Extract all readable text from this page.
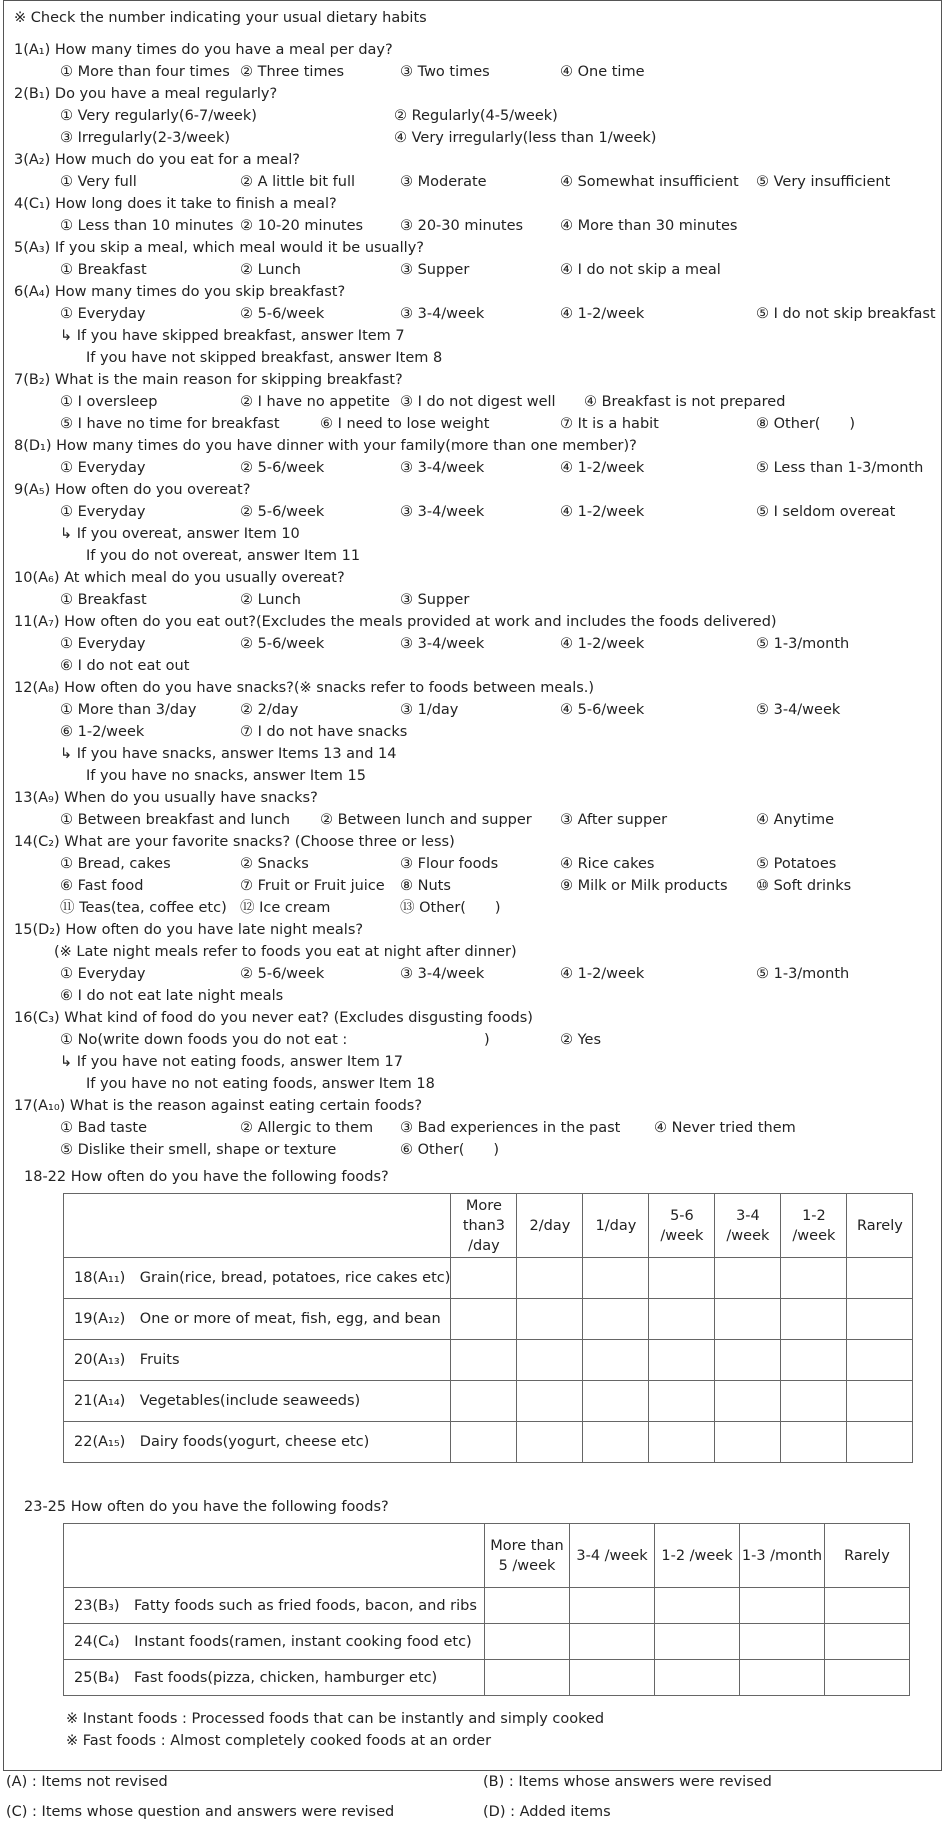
※ Check the number indicating your usual dietary habits
1(A₁) How many times do you have a meal per day?
① More than four times ② Three times	③ Two times	④ One time
2(B₁) Do you have a meal regularly?
① Very regularly(6-7/week)	② Regularly(4-5/week)
③ Irregularly(2-3/week)	④ Very irregularly(less than 1/week)
3(A₂) How much do you eat for a meal?
① Very full	② A little bit full	③ Moderate	④ Somewhat insufficient ⑤ Very insufficient
4(C₁) How long does it take to finish a meal?
① Less than 10 minutes ② 10-20 minutes	③ 20-30 minutes	④ More than 30 minutes
5(A₃) If you skip a meal, which meal would it be usually?
① Breakfast	② Lunch	③ Supper	④ I do not skip a meal
6(A₄) How many times do you skip breakfast?
① Everyday	② 5-6/week	③ 3-4/week	④ 1-2/week	⑤ I do not skip breakfast
↳ If you have skipped breakfast, answer Item 7
If you have not skipped breakfast, answer Item 8
7(B₂) What is the main reason for skipping breakfast?
① I oversleep	② I have no appetite ③ I do not digest well ④ Breakfast is not prepared
⑤ I have no time for breakfast	⑥ I need to lose weight	⑦ It is a habit	⑧ Other(  )
8(D₁) How many times do you have dinner with your family(more than one member)?
① Everyday	② 5-6/week	③ 3-4/week	④ 1-2/week	⑤ Less than 1-3/month
9(A₅) How often do you overeat?
① Everyday	② 5-6/week	③ 3-4/week	④ 1-2/week	⑤ I seldom overeat
↳ If you overeat, answer Item 10
If you do not overeat, answer Item 11
10(A₆) At which meal do you usually overeat?
① Breakfast	② Lunch	③ Supper
11(A₇) How often do you eat out?(Excludes the meals provided at work and includes the foods delivered)
① Everyday	② 5-6/week	③ 3-4/week	④ 1-2/week	⑤ 1-3/month
⑥ I do not eat out
12(A₈) How often do you have snacks?(※ snacks refer to foods between meals.)
① More than 3/day	② 2/day	③ 1/day	④ 5-6/week	⑤ 3-4/week
⑥ 1-2/week	⑦ I do not have snacks
↳ If you have snacks, answer Items 13 and 14
If you have no snacks, answer Item 15
13(A₉) When do you usually have snacks?
① Between breakfast and lunch ② Between lunch and supper ③ After supper	④ Anytime
14(C₂) What are your favorite snacks? (Choose three or less)
① Bread, cakes	② Snacks	③ Flour foods	④ Rice cakes	⑤ Potatoes
⑥ Fast food	⑦ Fruit or Fruit juice ⑧ Nuts	⑨ Milk or Milk products ⑩ Soft drinks
⑪ Teas(tea, coffee etc) ⑫ Ice cream	⑬ Other(  )
15(D₂) How often do you have late night meals?
(※ Late night meals refer to foods you eat at night after dinner)
① Everyday	② 5-6/week	③ 3-4/week	④ 1-2/week	⑤ 1-3/month
⑥ I do not eat late night meals
16(C₃) What kind of food do you never eat? (Excludes disgusting foods)
① No(write down foods you do not eat :	)	② Yes
↳ If you have not eating foods, answer Item 17
If you have no not eating foods, answer Item 18
17(A₁₀) What is the reason against eating certain foods?
① Bad taste	② Allergic to them ③ Bad experiences in the past ④ Never tried them
⑤ Dislike their smell, shape or texture	⑥ Other(  )
18-22 How often do you have the following foods?
	More than3 /day	2/day	1/day	5-6 /week	3-4 /week	1-2 /week	Rarely
18(A₁₁) Grain(rice, bread, potatoes, rice cakes etc)							
19(A₁₂) One or more of meat, fish, egg, and bean							
20(A₁₃) Fruits							
21(A₁₄) Vegetables(include seaweeds)							
22(A₁₅) Dairy foods(yogurt, cheese etc)							
23-25 How often do you have the following foods?
	More than 5 /week	3-4 /week	1-2 /week	1-3 /month	Rarely
23(B₃) Fatty foods such as fried foods, bacon, and ribs					
24(C₄) Instant foods(ramen, instant cooking food etc)					
25(B₄) Fast foods(pizza, chicken, hamburger etc)					
※ Instant foods : Processed foods that can be instantly and simply cooked
※ Fast foods : Almost completely cooked foods at an order
(A) : Items not revised	(B) : Items whose answers were revised
(C) : Items whose question and answers were revised	(D) : Added items
